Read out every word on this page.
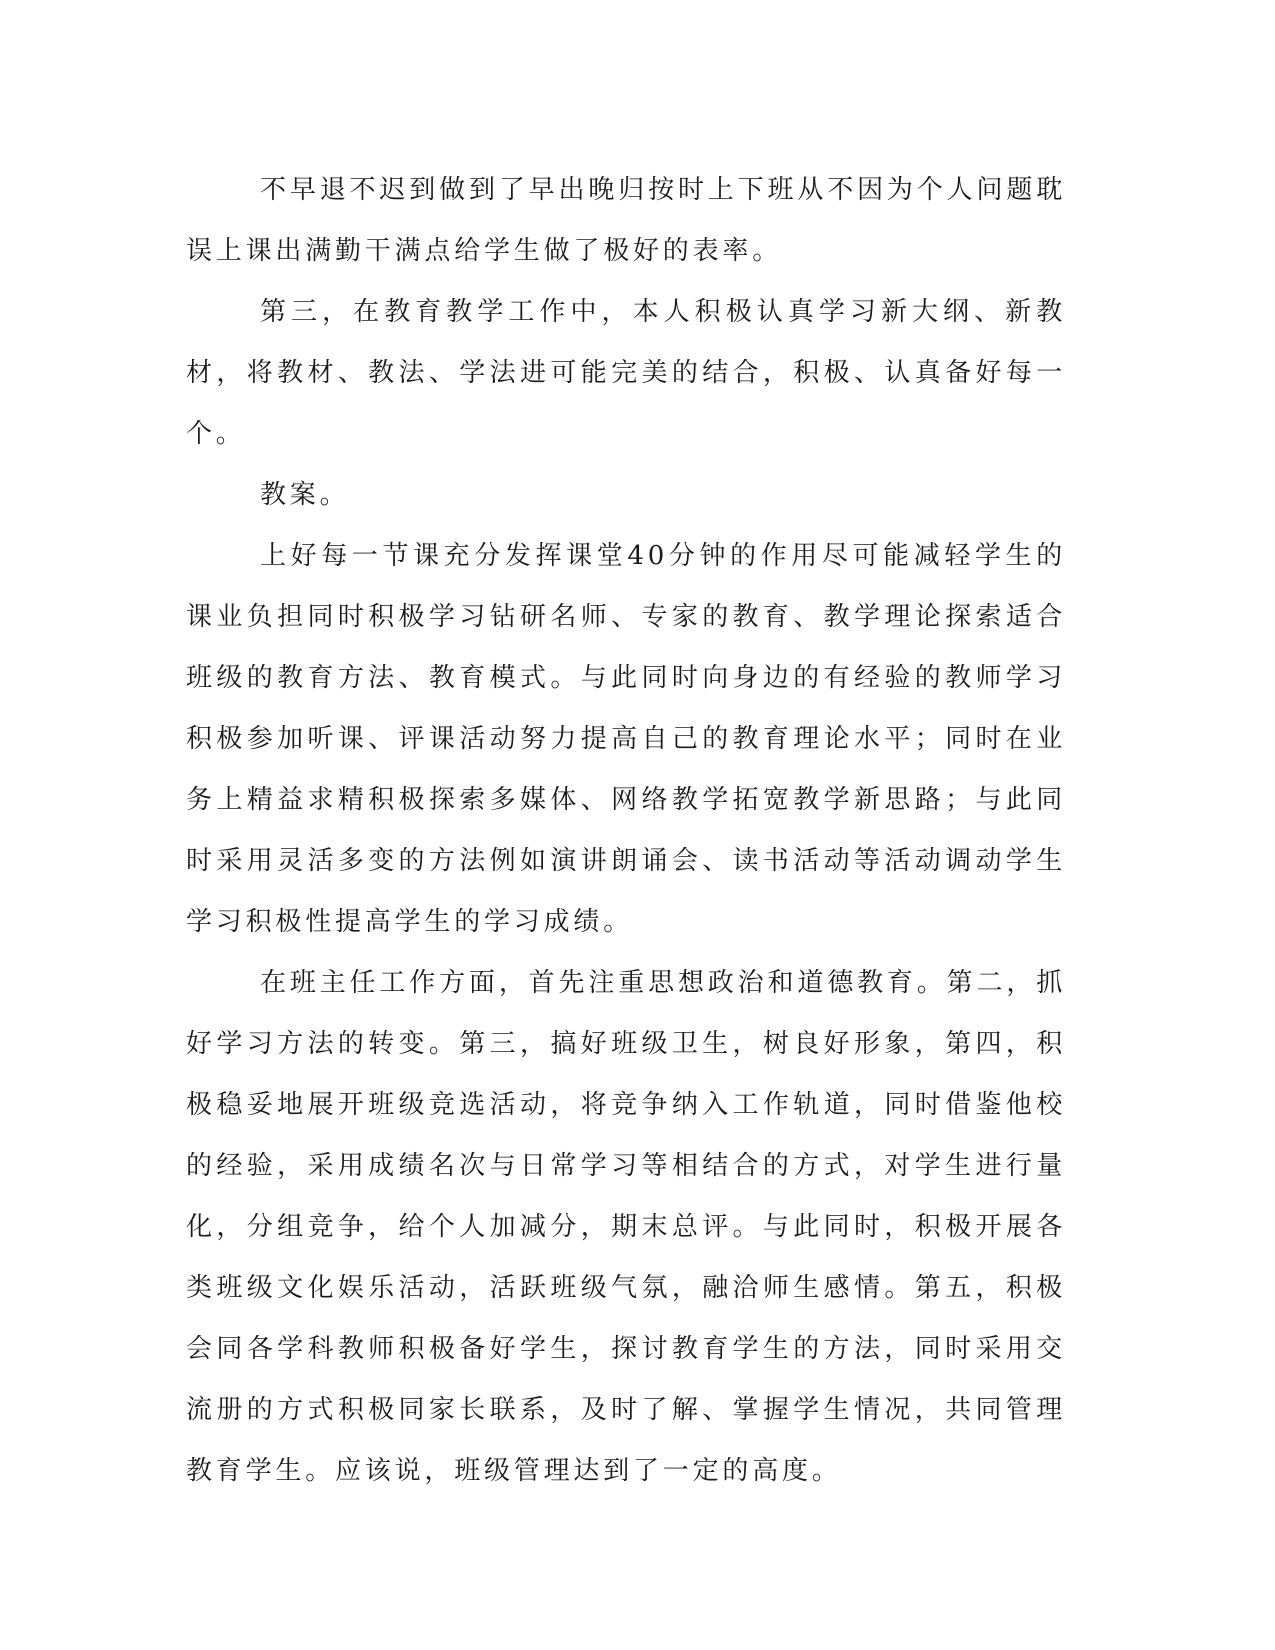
不早退不迟到做到了早出晚归按时上下班从不因为个人问题耽误上课出满勤干满点给学生做了极好的表率。

第三，在教育教学工作中，本人积极认真学习新大纲、新教材，将教材、教法、学法进可能完美的结合，积极、认真备好每一个。

教案。

上好每一节课充分发挥课堂40分钟的作用尽可能减轻学生的课业负担同时积极学习钻研名师、专家的教育、教学理论探索适合班级的教育方法、教育模式。与此同时向身边的有经验的教师学习积极参加听课、评课活动努力提高自己的教育理论水平；同时在业务上精益求精积极探索多媒体、网络教学拓宽教学新思路；与此同时采用灵活多变的方法例如演讲朗诵会、读书活动等活动调动学生学习积极性提高学生的学习成绩。

在班主任工作方面，首先注重思想政治和道德教育。第二，抓好学习方法的转变。第三，搞好班级卫生，树良好形象，第四，积极稳妥地展开班级竞选活动，将竞争纳入工作轨道，同时借鉴他校的经验，采用成绩名次与日常学习等相结合的方式，对学生进行量化，分组竞争，给个人加减分，期末总评。与此同时，积极开展各类班级文化娱乐活动，活跃班级气氛，融洽师生感情。第五，积极会同各学科教师积极备好学生，探讨教育学生的方法，同时采用交流册的方式积极同家长联系，及时了解、掌握学生情况，共同管理教育学生。应该说，班级管理达到了一定的高度。
